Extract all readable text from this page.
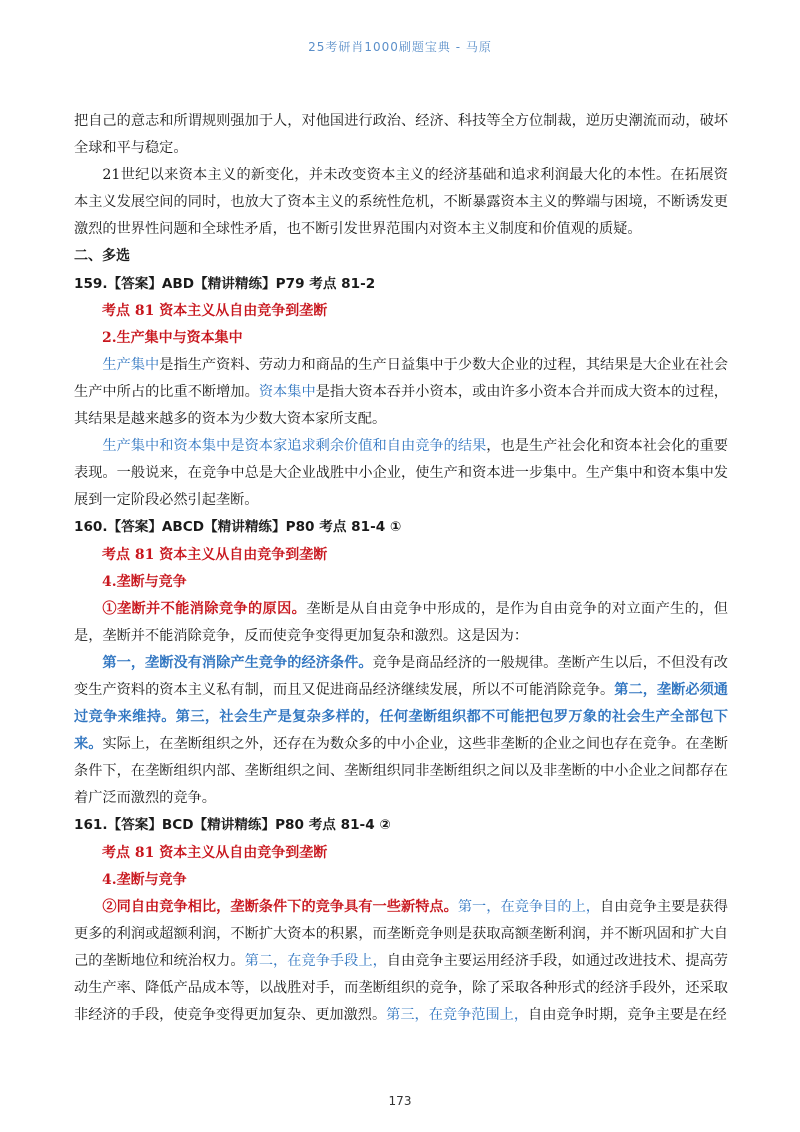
25考研肖1000刷题宝典 - 马原

把自己的意志和所谓规则强加于人，对他国进行政治、经济、科技等全方位制裁，逆历史潮流而动，破坏全球和平与稳定。

21世纪以来资本主义的新变化，并未改变资本主义的经济基础和追求利润最大化的本性。在拓展资本主义发展空间的同时，也放大了资本主义的系统性危机，不断暴露资本主义的弊端与困境，不断诱发更激烈的世界性问题和全球性矛盾，也不断引发世界范围内对资本主义制度和价值观的质疑。

二、多选

159.【答案】ABD【精讲精练】P79 考点 81-2

考点 81 资本主义从自由竞争到垄断

2.生产集中与资本集中

生产集中是指生产资料、劳动力和商品的生产日益集中于少数大企业的过程，其结果是大企业在社会生产中所占的比重不断增加。资本集中是指大资本吞并小资本，或由许多小资本合并而成大资本的过程，其结果是越来越多的资本为少数大资本家所支配。

生产集中和资本集中是资本家追求剩余价值和自由竞争的结果，也是生产社会化和资本社会化的重要表现。一般说来，在竞争中总是大企业战胜中小企业，使生产和资本进一步集中。生产集中和资本集中发展到一定阶段必然引起垄断。

160.【答案】ABCD【精讲精练】P80 考点 81-4 ①

考点 81 资本主义从自由竞争到垄断

4.垄断与竞争

①垄断并不能消除竞争的原因。垄断是从自由竞争中形成的，是作为自由竞争的对立面产生的，但是，垄断并不能消除竞争，反而使竞争变得更加复杂和激烈。这是因为：

第一，垄断没有消除产生竞争的经济条件。竞争是商品经济的一般规律。垄断产生以后，不但没有改变生产资料的资本主义私有制，而且又促进商品经济继续发展，所以不可能消除竞争。第二，垄断必须通过竞争来维持。第三，社会生产是复杂多样的，任何垄断组织都不可能把包罗万象的社会生产全部包下来。实际上，在垄断组织之外，还存在为数众多的中小企业，这些非垄断的企业之间也存在竞争。在垄断条件下，在垄断组织内部、垄断组织之间、垄断组织同非垄断组织之间以及非垄断的中小企业之间都存在着广泛而激烈的竞争。

161.【答案】BCD【精讲精练】P80 考点 81-4 ②

考点 81 资本主义从自由竞争到垄断

4.垄断与竞争

②同自由竞争相比，垄断条件下的竞争具有一些新特点。第一，在竞争目的上，自由竞争主要是获得更多的利润或超额利润，不断扩大资本的积累，而垄断竞争则是获取高额垄断利润，并不断巩固和扩大自己的垄断地位和统治权力。第二，在竞争手段上，自由竞争主要运用经济手段，如通过改进技术、提高劳动生产率、降低产品成本等，以战胜对手，而垄断组织的竞争，除了采取各种形式的经济手段外，还采取非经济的手段，使竞争变得更加复杂、更加激烈。第三，在竞争范围上，自由竞争时期，竞争主要是在经

173
